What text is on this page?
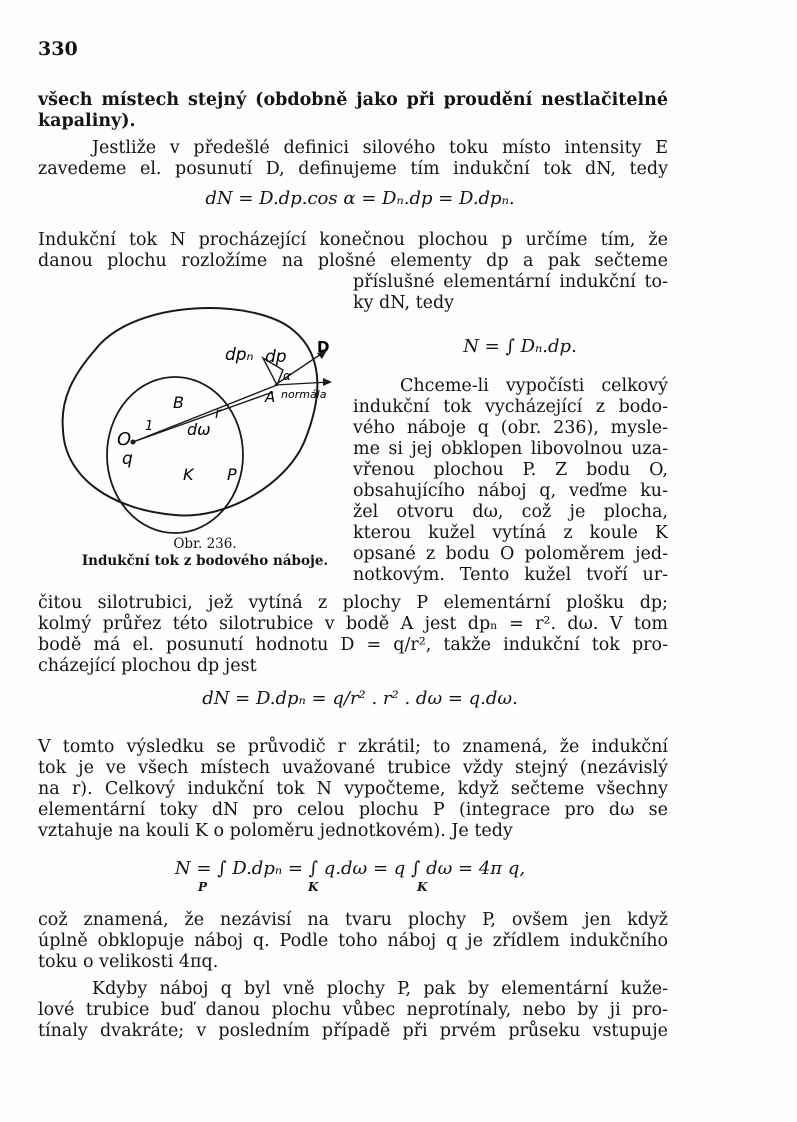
330
všech místech stejný (obdobně jako při proudění nestlačitelné
kapaliny).
Jestliže v předešlé definici silového toku místo intensity E
zavedeme el. posunutí D, definujeme tím indukční tok dN, tedy
dN = D.dp.cos α = Dₙ.dp = D.dpₙ.
Indukční tok N procházející konečnou plochou p určíme tím, že
danou plochu rozložíme na plošné elementy dp a pak sečteme
příslušné elementární indukční to-
ky dN, tedy
N = ∫ Dₙ.dp.
Chceme-li vypočísti celkový
indukční tok vycházející z bodo-
vého náboje q (obr. 236), mysle-
me si jej obklopen libovolnou uza-
vřenou plochou P. Z bodu O,
obsahujícího náboj q, veďme ku-
žel otvoru dω, což je plocha,
kterou kužel vytíná z koule K
opsané z bodu O poloměrem jed-
notkovým. Tento kužel tvoří ur-
dpₙ dp D
α
normála
A
B
r
1
O
q
dω
K P
Obr. 236.
Indukční tok z bodového náboje.
čitou silotrubici, jež vytíná z plochy P elementární plošku dp;
kolmý průřez této silotrubice v bodě A jest dpₙ = r². dω. V tom
bodě má el. posunutí hodnotu D = q/r², takže indukční tok pro-
cházející plochou dp jest
dN = D.dpₙ = q/r² . r² . dω = q.dω.
V tomto výsledku se průvodič r zkrátil; to znamená, že indukční
tok je ve všech místech uvažované trubice vždy stejný (nezávislý
na r). Celkový indukční tok N vypočteme, když sečteme všechny
elementární toky dN pro celou plochu P (integrace pro dω se
vztahuje na kouli K o poloměru jednotkovém). Je tedy
N = ∫ D.dpₙ = ∫ q.dω = q ∫ dω = 4π q,
P	K	K
což znamená, že nezávisí na tvaru plochy P, ovšem jen když
úplně obklopuje náboj q. Podle toho náboj q je zřídlem indukčního
toku o velikosti 4πq.
Kdyby náboj q byl vně plochy P, pak by elementární kuže-
lové trubice buď danou plochu vůbec neprotínaly, nebo by ji pro-
tínaly dvakráte; v posledním případě při prvém průseku vstupuje
